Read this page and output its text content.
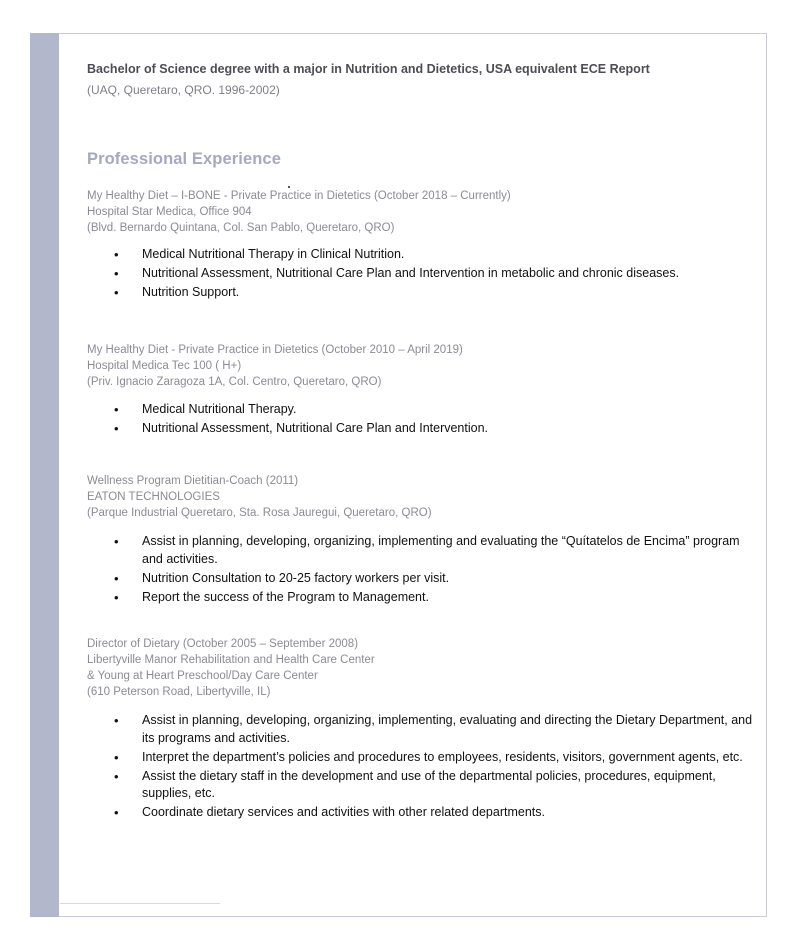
Bachelor of Science degree with a major in Nutrition and Dietetics, USA equivalent ECE Report

(UAQ, Queretaro, QRO. 1996-2002)

Professional Experience
My Healthy Diet – I-BONE - Private Practice in Dietetics (October 2018 – Currently)
Hospital Star Medica, Office 904
(Blvd. Bernardo Quintana, Col. San Pablo, Queretaro, QRO)
• Medical Nutritional Therapy in Clinical Nutrition.
• Nutritional Assessment, Nutritional Care Plan and Intervention in metabolic and chronic diseases.
• Nutrition Support.
My Healthy Diet - Private Practice in Dietetics (October 2010 – April 2019)
Hospital Medica Tec 100 ( H+)
(Priv. Ignacio Zaragoza 1A, Col. Centro, Queretaro, QRO)
• Medical Nutritional Therapy.
• Nutritional Assessment, Nutritional Care Plan and Intervention.
Wellness Program Dietitian-Coach (2011)
EATON TECHNOLOGIES
(Parque Industrial Queretaro, Sta. Rosa Jauregui, Queretaro, QRO)
• Assist in planning, developing, organizing, implementing and evaluating the “Quítatelos de Encima” program and activities.
• Nutrition Consultation to 20-25 factory workers per visit.
• Report the success of the Program to Management.
Director of Dietary (October 2005 – September 2008)
Libertyville Manor Rehabilitation and Health Care Center
& Young at Heart Preschool/Day Care Center
(610 Peterson Road, Libertyville, IL)
• Assist in planning, developing, organizing, implementing, evaluating and directing the Dietary Department, and its programs and activities.
• Interpret the department’s policies and procedures to employees, residents, visitors, government agents, etc.
• Assist the dietary staff in the development and use of the departmental policies, procedures, equipment, supplies, etc.
• Coordinate dietary services and activities with other related departments.
